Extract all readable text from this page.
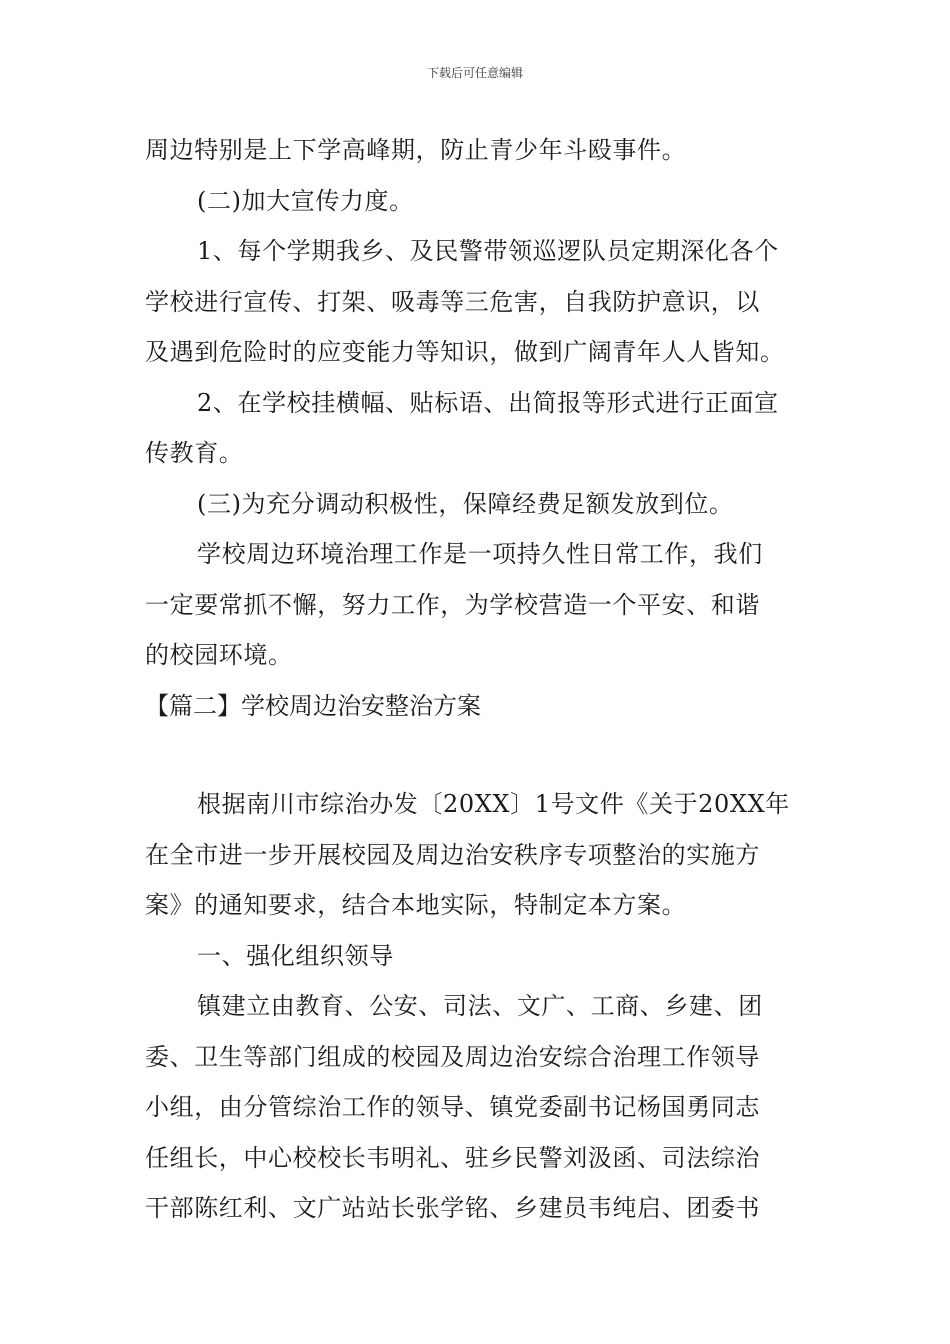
下载后可任意编辑
周边特别是上下学高峰期，防止青少年斗殴事件。
(二)加大宣传力度。
1、每个学期我乡、及民警带领巡逻队员定期深化各个
学校进行宣传、打架、吸毒等三危害，自我防护意识，以
及遇到危险时的应变能力等知识，做到广阔青年人人皆知。
2、在学校挂横幅、贴标语、出简报等形式进行正面宣
传教育。
(三)为充分调动积极性，保障经费足额发放到位。
学校周边环境治理工作是一项持久性日常工作，我们
一定要常抓不懈，努力工作，为学校营造一个平安、和谐
的校园环境。
【篇二】学校周边治安整治方案
根据南川市综治办发〔20XX〕1号文件《关于20XX年
在全市进一步开展校园及周边治安秩序专项整治的实施方
案》的通知要求，结合本地实际，特制定本方案。
一、强化组织领导
镇建立由教育、公安、司法、文广、工商、乡建、团
委、卫生等部门组成的校园及周边治安综合治理工作领导
小组，由分管综治工作的领导、镇党委副书记杨国勇同志
任组长，中心校校长韦明礼、驻乡民警刘汲函、司法综治
干部陈红利、文广站站长张学铭、乡建员韦纯启、团委书
